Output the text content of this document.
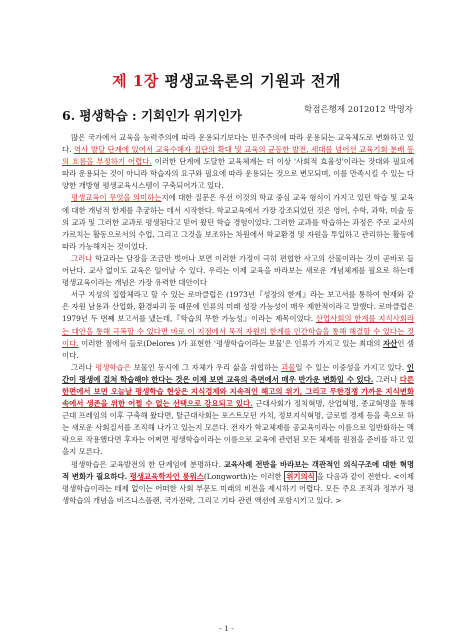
제 1장 평생교육론의 기원과 전개
학점은행제 2012012 박명자
6. 평생학습 : 기회인가 위기인가

많은 국가에서 교육을 능력주의에 따라 운용되기보다는 민주주의에 따라 운용되는 교육체도로 변화하고 있다. 역사 발달 단계에 있어서 교육수혜자 집단의 확대 및 교육의 균등한 발전, 세대를 넘어선 교육기회 분배 등의 흐름을 부정하기 어렵다. 이러한 단계에 도달한 교육체계는 더 이상 '사회적 효율성'이라는 잣대와 필요에 따라 운용되는 것이 아니라 학습자의 요구와 필요에 따라 운용되는 것으로 변모되며, 이를 만족시킬 수 있는 다양한 개방형 평생교육시스템이 구축되어가고 있다.

평생교육이 무엇을 의미하는지에 대한 질문은 우선 이것의 학교 중심 교육 형식이 가지고 있던 학습 및 교육에 대한 개념적 한계를 추궁하는 데서 시작한다. 학교교육에서 가장 강조되었던 것은 영어, 수학, 과학, 미술 등의 교과 및 그러한 교과로 평생된다고 믿어 왔던 학습 경험이었다. 그러한 교과를 학습하는 과정은 주로 교사의 가르치는 활동으로서의 수업, 그리고 그것을 보조하는 차원에서 학교환경 및 자원을 투입하고 관리하는 활동에 따라 가능해지는 것이었다.

그러나 학교라는 담장을 조금만 벗어나 보면 이러한 가정이 극히 편협한 사고의 산물이라는 것이 곧바로 들어난다. 교사 없이도 교육은 일어날 수 있다. 우리는 이제 교육을 바라보는 새로운 개념체계를 필요로 하는데 평생교육이라는 개념은 가장 유력한 대안이다

서구 지성의 집합체라고 할 수 있는 로마클럽은 (1973년『성장의 한계』라는 보고서를 통하여 현재와 같은 자원 남용과 산업화, 환경파괴 등 때문에 인류의 미래 성장 가능성이 매우 제한적이라고 말했다. 로마클럽은 1979년 두 번째 보고서를 냈는데,『학습의 무한 가능성』이라는 제목이었다. 산업사회의 한계를 지식사회라는 대안을 통해 극복할 수 있다면 바로 이 지점에서 묵적 자원의 한계를 인간학습을 통해 해결할 수 있다는 것이다. 이러한 점에서 들로(Delores )가 표현한 '평생학습이라는 보물'은 인류가 가지고 있는 최대의 자산인 셈이다.

그러나 평생학습은 보물인 동시에 그 자체가 우리 삶을 위협하는 괴물일 수 있는 이중성을 가지고 있다. 인간이 평생에 걸쳐 학습해야 한다는 것은 이제 보면 교육의 측면에서 매우 반가운 변화일 수 있다. 그러나 다른 한편에서 보면 오늘날 평생학습 현상은 지식경제와 지속적인 해고의 위기, 그리고 무한경쟁 가까운 지식변화 속에서 생존을 위한 어쩔 수 없는 선택으로 강요되고 있다. 근대사회가 정치혁명, 산업혁명, 종교혁명을 통해 근대 프레임의 이후 구축해 왔다면, 탈근대사회는 포스트모던 가치, 정보지식혁명, 글로벌 경제 등을 축으로 하는 새로운 사회질서를 조직해 나가고 있는지 모른다. 전자가 학교체제를 공교육이라는 이름으로 일반화하는 맥락으로 작용했다면 후자는 어쩌면 평생학습이라는 이름으로 교육에 관련된 모든 체제를 원점을 준비를 하고 있을지 모른다.

평생학습은 교육발전의 한 단계임에 분명하다. 교육사례 전반을 바라보는 객관적인 의식구조에 대한 혁명적 변화가 필요하다. 평생교육학자인 롱워스(Longworth)는 이러한 위기의식 을 다음과 같이 전한다. <이제 평생학습이라는 테제 없이는 어떠한 사회 부문도 미래의 비전을 제시하기 어렵다. 모든 주요 조직과 정부가 평생학습의 개념을 비즈니스플랜, 국가전략, 그리고 기타 관련 액션에 포함시키고 있다. >

- 1 -
